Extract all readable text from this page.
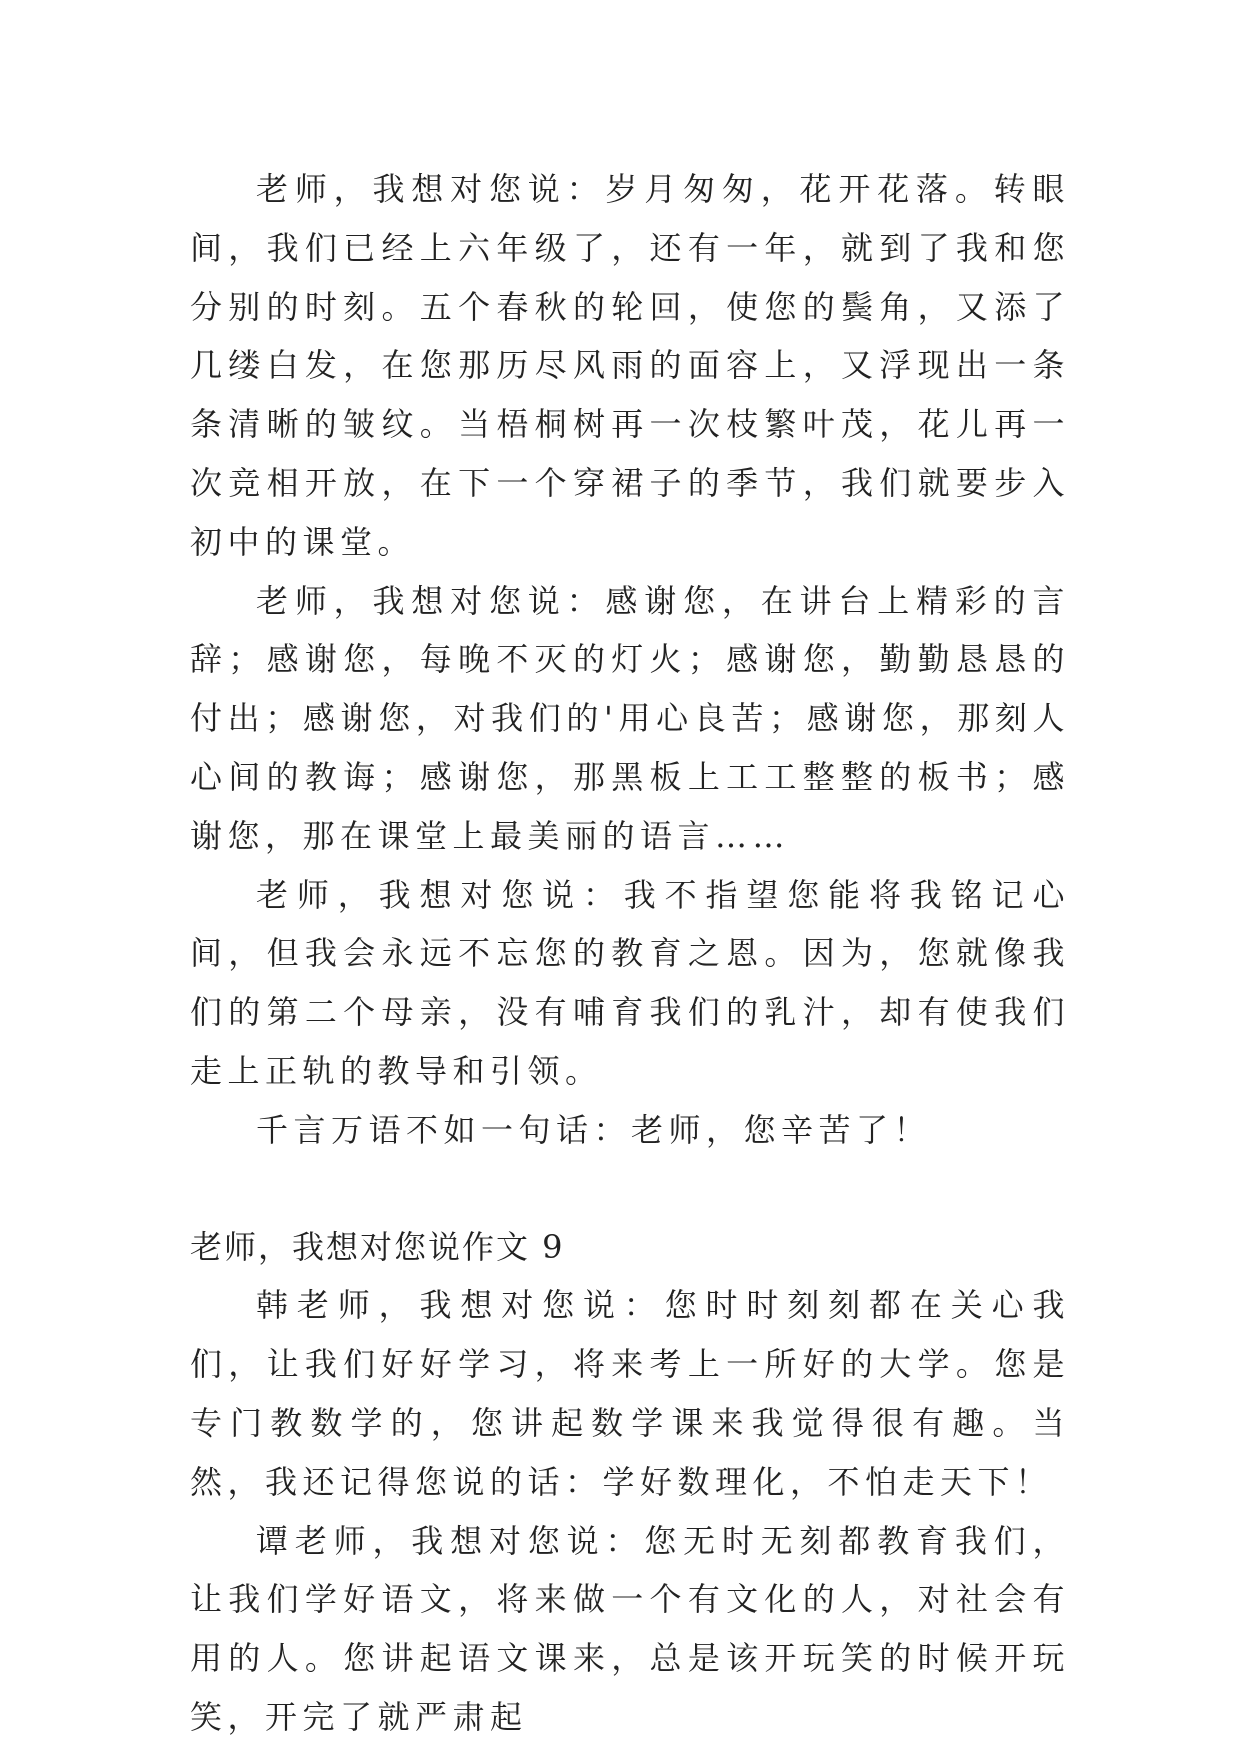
老师，我想对您说：岁月匆匆，花开花落。转眼间，我们已经上六年级了，还有一年，就到了我和您分别的时刻。五个春秋的轮回，使您的鬓角，又添了几缕白发，在您那历尽风雨的面容上，又浮现出一条条清晰的皱纹。当梧桐树再一次枝繁叶茂，花儿再一次竞相开放，在下一个穿裙子的季节，我们就要步入初中的课堂。

老师，我想对您说：感谢您，在讲台上精彩的言辞；感谢您，每晚不灭的灯火；感谢您，勤勤恳恳的付出；感谢您，对我们的'用心良苦；感谢您，那刻人心间的教诲；感谢您，那黑板上工工整整的板书；感谢您，那在课堂上最美丽的语言……

老师，我想对您说：我不指望您能将我铭记心间，但我会永远不忘您的教育之恩。因为，您就像我们的第二个母亲，没有哺育我们的乳汁，却有使我们走上正轨的教导和引领。

千言万语不如一句话：老师，您辛苦了！

老师，我想对您说作文 9

韩老师，我想对您说：您时时刻刻都在关心我们，让我们好好学习，将来考上一所好的大学。您是专门教数学的，您讲起数学课来我觉得很有趣。当然，我还记得您说的话：学好数理化，不怕走天下！

谭老师，我想对您说：您无时无刻都教育我们，让我们学好语文，将来做一个有文化的人，对社会有用的人。您讲起语文课来，总是该开玩笑的时候开玩笑，开完了就严肃起
